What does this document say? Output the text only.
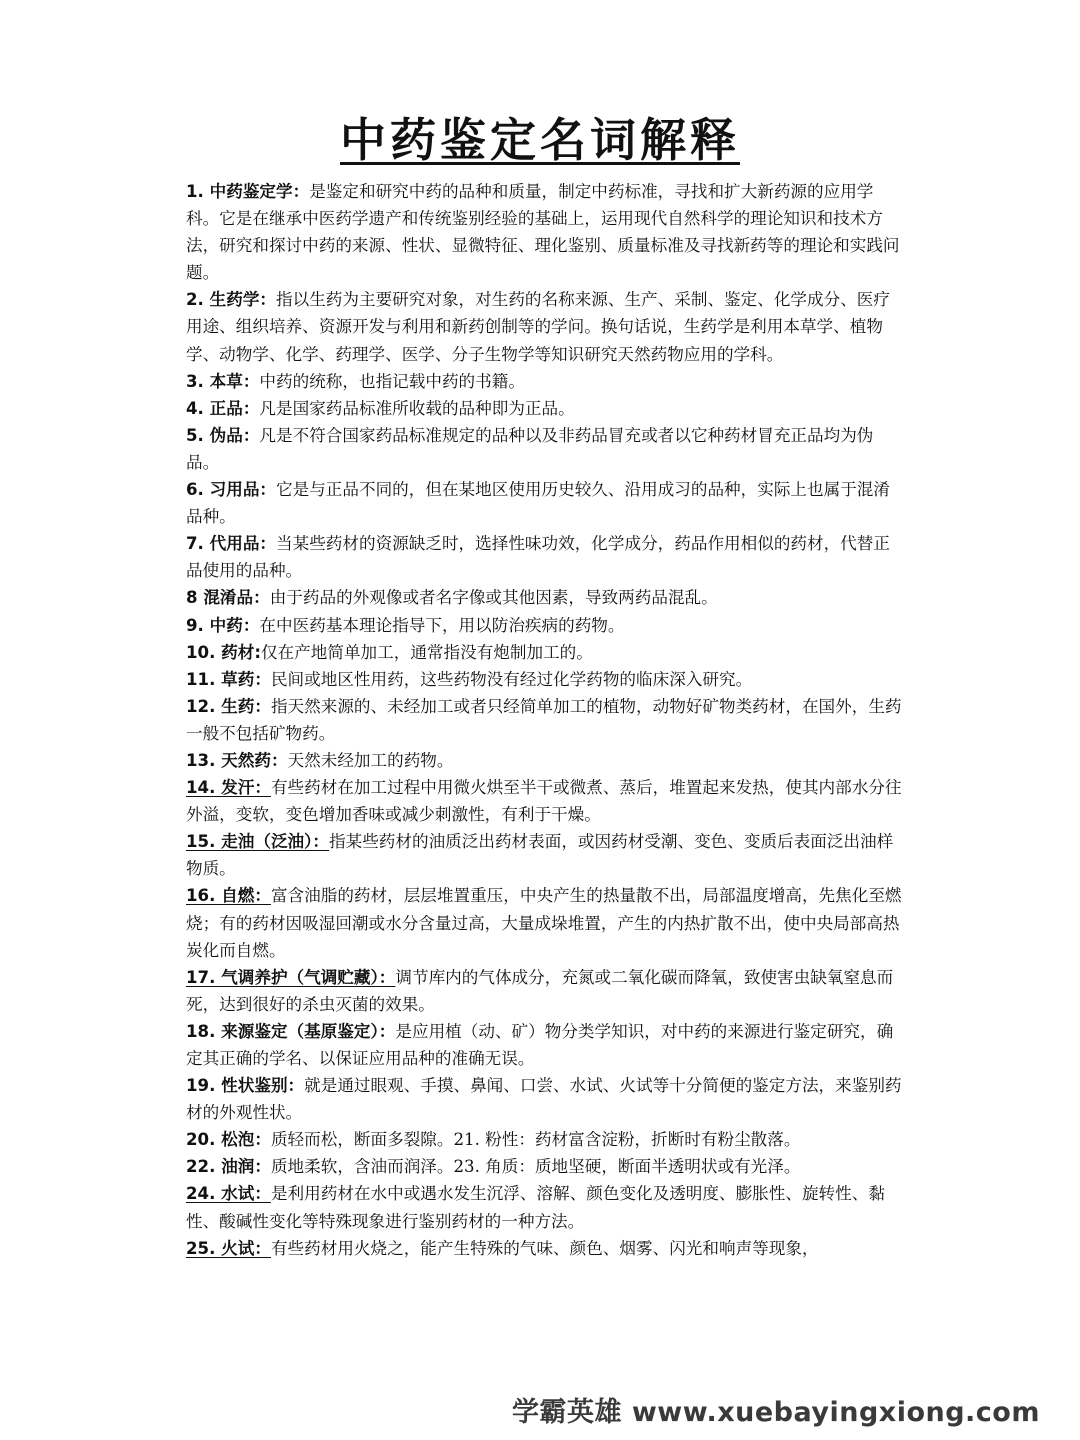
中药鉴定名词解释

1. 中药鉴定学：是鉴定和研究中药的品种和质量，制定中药标准，寻找和扩大新药源的应用学科。它是在继承中医药学遗产和传统鉴别经验的基础上，运用现代自然科学的理论知识和技术方法，研究和探讨中药的来源、性状、显微特征、理化鉴别、质量标准及寻找新药等的理论和实践问题。

2. 生药学：指以生药为主要研究对象，对生药的名称来源、生产、采制、鉴定、化学成分、医疗用途、组织培养、资源开发与利用和新药创制等的学问。换句话说，生药学是利用本草学、植物学、动物学、化学、药理学、医学、分子生物学等知识研究天然药物应用的学科。

3. 本草：中药的统称，也指记载中药的书籍。

4. 正品：凡是国家药品标准所收载的品种即为正品。

5. 伪品：凡是不符合国家药品标准规定的品种以及非药品冒充或者以它种药材冒充正品均为伪品。

6. 习用品：它是与正品不同的，但在某地区使用历史较久、沿用成习的品种，实际上也属于混淆品种。

7. 代用品：当某些药材的资源缺乏时，选择性味功效，化学成分，药品作用相似的药材，代替正品使用的品种。

8 混淆品：由于药品的外观像或者名字像或其他因素，导致两药品混乱。

9. 中药：在中医药基本理论指导下，用以防治疾病的药物。

10. 药材:仅在产地简单加工，通常指没有炮制加工的。

11. 草药：民间或地区性用药，这些药物没有经过化学药物的临床深入研究。

12. 生药：指天然来源的、未经加工或者只经简单加工的植物，动物好矿物类药材，在国外，生药一般不包括矿物药。

13. 天然药：天然未经加工的药物。

14. 发汗：有些药材在加工过程中用微火烘至半干或微煮、蒸后，堆置起来发热，使其内部水分往外溢，变软，变色增加香味或减少刺激性，有利于干燥。

15. 走油（泛油）：指某些药材的油质泛出药材表面，或因药材受潮、变色、变质后表面泛出油样物质。

16. 自燃：富含油脂的药材，层层堆置重压，中央产生的热量散不出，局部温度增高，先焦化至燃烧；有的药材因吸湿回潮或水分含量过高，大量成垛堆置，产生的内热扩散不出，使中央局部高热炭化而自燃。

17. 气调养护（气调贮藏）：调节库内的气体成分，充氮或二氧化碳而降氧，致使害虫缺氧窒息而死，达到很好的杀虫灭菌的效果。

18. 来源鉴定（基原鉴定）：是应用植（动、矿）物分类学知识，对中药的来源进行鉴定研究，确定其正确的学名、以保证应用品种的准确无误。

19. 性状鉴别：就是通过眼观、手摸、鼻闻、口尝、水试、火试等十分简便的鉴定方法，来鉴别药材的外观性状。

20. 松泡：质轻而松，断面多裂隙。21. 粉性：药材富含淀粉，折断时有粉尘散落。

22. 油润：质地柔软，含油而润泽。23. 角质：质地坚硬，断面半透明状或有光泽。

24. 水试：是利用药材在水中或遇水发生沉浮、溶解、颜色变化及透明度、膨胀性、旋转性、黏性、酸碱性变化等特殊现象进行鉴别药材的一种方法。

25. 火试：有些药材用火烧之，能产生特殊的气味、颜色、烟雾、闪光和响声等现象，

学霸英雄 www.xuebayingxiong.com
